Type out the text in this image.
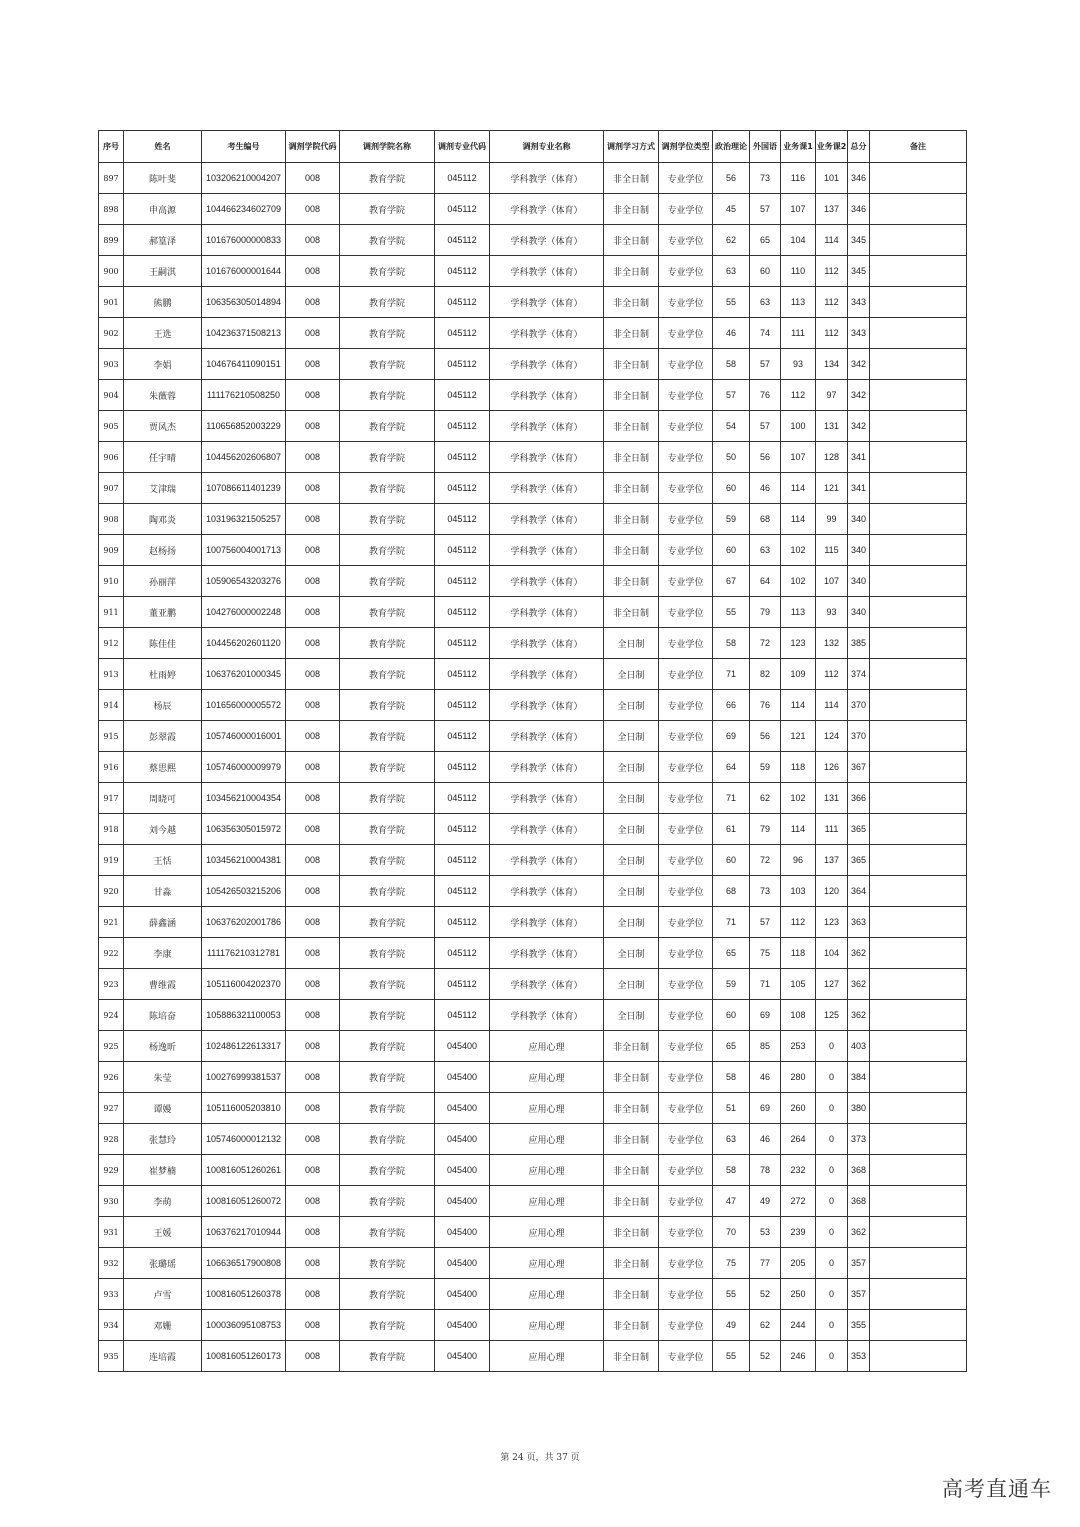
序号	姓名	考生编号	调剂学院代码	调剂学院名称	调剂专业代码	调剂专业名称	调剂学习方式	调剂学位类型	政治理论	外国语	业务课1	业务课2	总分	备注
897	陈叶斐	103206210004207	008	教育学院	045112	学科教学（体育）	非全日制	专业学位	56	73	116	101	346	
898	申高源	104466234602709	008	教育学院	045112	学科教学（体育）	非全日制	专业学位	45	57	107	137	346	
899	郝篁泽	101676000000833	008	教育学院	045112	学科教学（体育）	非全日制	专业学位	62	65	104	114	345	
900	王嗣淇	101676000001644	008	教育学院	045112	学科教学（体育）	非全日制	专业学位	63	60	110	112	345	
901	熊鹏	106356305014894	008	教育学院	045112	学科教学（体育）	非全日制	专业学位	55	63	113	112	343	
902	王选	104236371508213	008	教育学院	045112	学科教学（体育）	非全日制	专业学位	46	74	111	112	343	
903	李娟	104676411090151	008	教育学院	045112	学科教学（体育）	非全日制	专业学位	58	57	93	134	342	
904	朱薇蓉	111176210508250	008	教育学院	045112	学科教学（体育）	非全日制	专业学位	57	76	112	97	342	
905	贾风杰	110656852003229	008	教育学院	045112	学科教学（体育）	非全日制	专业学位	54	57	100	131	342	
906	任宇晴	104456202606807	008	教育学院	045112	学科教学（体育）	非全日制	专业学位	50	56	107	128	341	
907	艾津瑞	107086611401239	008	教育学院	045112	学科教学（体育）	非全日制	专业学位	60	46	114	121	341	
908	陶邓炎	103196321505257	008	教育学院	045112	学科教学（体育）	非全日制	专业学位	59	68	114	99	340	
909	赵杨扬	100756004001713	008	教育学院	045112	学科教学（体育）	非全日制	专业学位	60	63	102	115	340	
910	孙丽萍	105906543203276	008	教育学院	045112	学科教学（体育）	非全日制	专业学位	67	64	102	107	340	
911	董亚鹏	104276000002248	008	教育学院	045112	学科教学（体育）	非全日制	专业学位	55	79	113	93	340	
912	陈佳佳	104456202601120	008	教育学院	045112	学科教学（体育）	全日制	专业学位	58	72	123	132	385	
913	杜雨婷	106376201000345	008	教育学院	045112	学科教学（体育）	全日制	专业学位	71	82	109	112	374	
914	杨辰	101656000005572	008	教育学院	045112	学科教学（体育）	全日制	专业学位	66	76	114	114	370	
915	彭翠霞	105746000016001	008	教育学院	045112	学科教学（体育）	全日制	专业学位	69	56	121	124	370	
916	蔡思熙	105746000009979	008	教育学院	045112	学科教学（体育）	全日制	专业学位	64	59	118	126	367	
917	周晓可	103456210004354	008	教育学院	045112	学科教学（体育）	全日制	专业学位	71	62	102	131	366	
918	刘今越	106356305015972	008	教育学院	045112	学科教学（体育）	全日制	专业学位	61	79	114	111	365	
919	王恬	103456210004381	008	教育学院	045112	学科教学（体育）	全日制	专业学位	60	72	96	137	365	
920	甘淼	105426503215206	008	教育学院	045112	学科教学（体育）	全日制	专业学位	68	73	103	120	364	
921	薛鑫涵	106376202001786	008	教育学院	045112	学科教学（体育）	全日制	专业学位	71	57	112	123	363	
922	李康	111176210312781	008	教育学院	045112	学科教学（体育）	全日制	专业学位	65	75	118	104	362	
923	曹维霞	105116004202370	008	教育学院	045112	学科教学（体育）	全日制	专业学位	59	71	105	127	362	
924	陈培奋	105886321100053	008	教育学院	045112	学科教学（体育）	全日制	专业学位	60	69	108	125	362	
925	杨逸昕	102486122613317	008	教育学院	045400	应用心理	非全日制	专业学位	65	85	253	0	403	
926	朱莹	100276999381537	008	教育学院	045400	应用心理	非全日制	专业学位	58	46	280	0	384	
927	谭嫚	105116005203810	008	教育学院	045400	应用心理	非全日制	专业学位	51	69	260	0	380	
928	张慧玲	105746000012132	008	教育学院	045400	应用心理	非全日制	专业学位	63	46	264	0	373	
929	崔梦楠	100816051260261	008	教育学院	045400	应用心理	非全日制	专业学位	58	78	232	0	368	
930	李萌	100816051260072	008	教育学院	045400	应用心理	非全日制	专业学位	47	49	272	0	368	
931	王媛	106376217010944	008	教育学院	045400	应用心理	非全日制	专业学位	70	53	239	0	362	
932	张璐瑶	106636517900808	008	教育学院	045400	应用心理	非全日制	专业学位	75	77	205	0	357	
933	卢雪	100816051260378	008	教育学院	045400	应用心理	非全日制	专业学位	55	52	250	0	357	
934	邓姗	100036095108753	008	教育学院	045400	应用心理	非全日制	专业学位	49	62	244	0	355	
935	连培霞	100816051260173	008	教育学院	045400	应用心理	非全日制	专业学位	55	52	246	0	353	
第 24 页，共 37 页
高考直通车
